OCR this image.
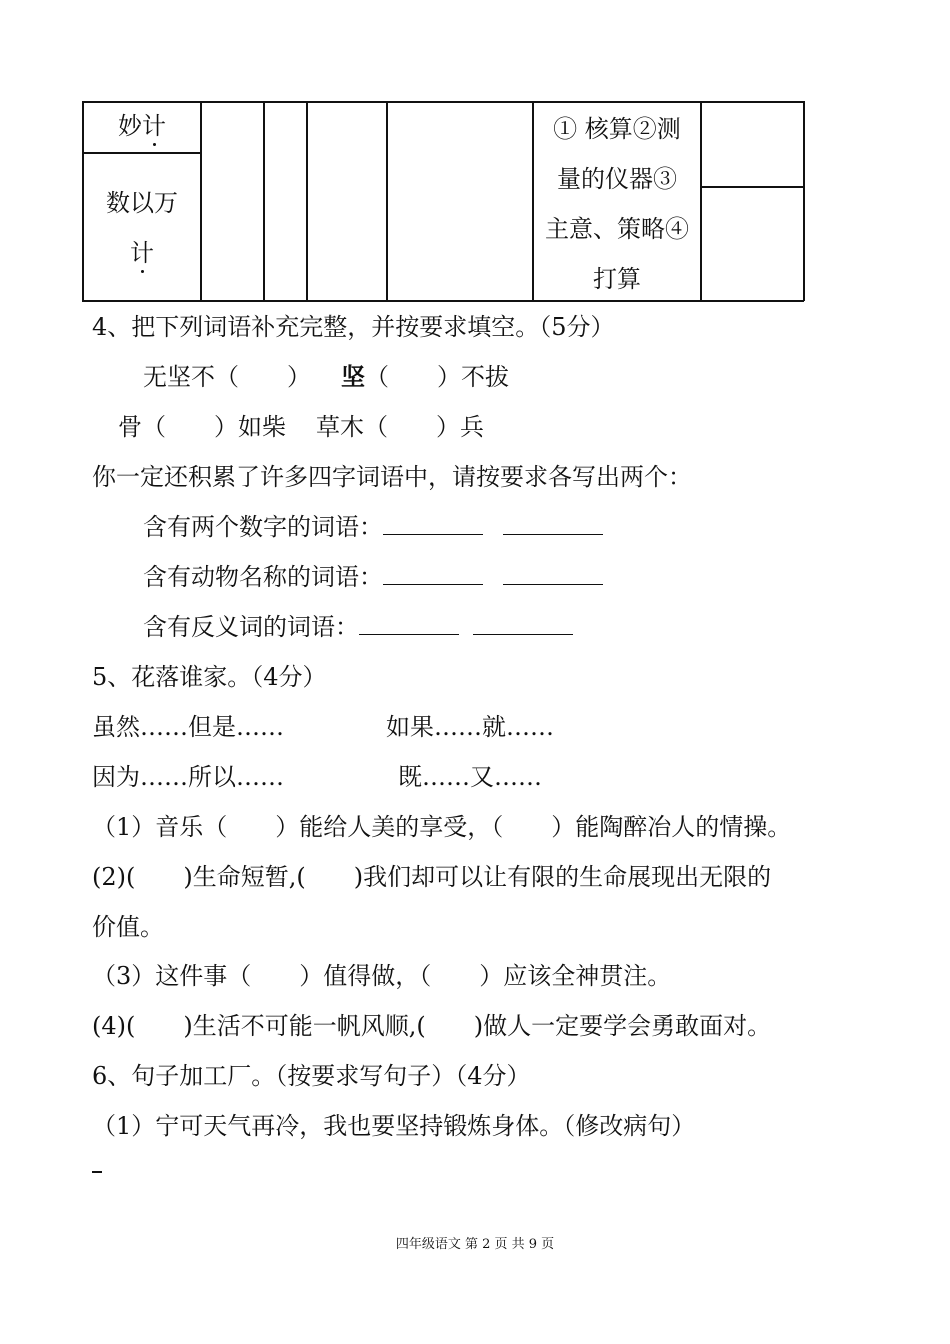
妙计
数以万
计
① 核算②测
量的仪器③
主意、策略④
打算
4、把下列词语补充完整，并按要求填空。（5分）
无坚不（　　） 坚（　　）不拔
骨（　　）如柴 草木（　　）兵
你一定还积累了许多四字词语中，请按要求各写出两个：
含有两个数字的词语：
含有动物名称的词语：
含有反义词的词语：
5、花落谁家。（4分）
虽然……但是……	如果……就……
因为……所以……	既……又……
（1）音乐（　　）能给人美的享受，（　　）能陶醉冶人的情操。
(2)(　　)生命短暂,(　　)我们却可以让有限的生命展现出无限的
价值。
（3）这件事（　　）值得做，（　　）应该全神贯注。
(4)(　　)生活不可能一帆风顺,(　　)做人一定要学会勇敢面对。
6、句子加工厂。（按要求写句子）（4分）
（1）宁可天气再冷，我也要坚持锻炼身体。（修改病句）
四年级语文 第 2 页 共 9 页
